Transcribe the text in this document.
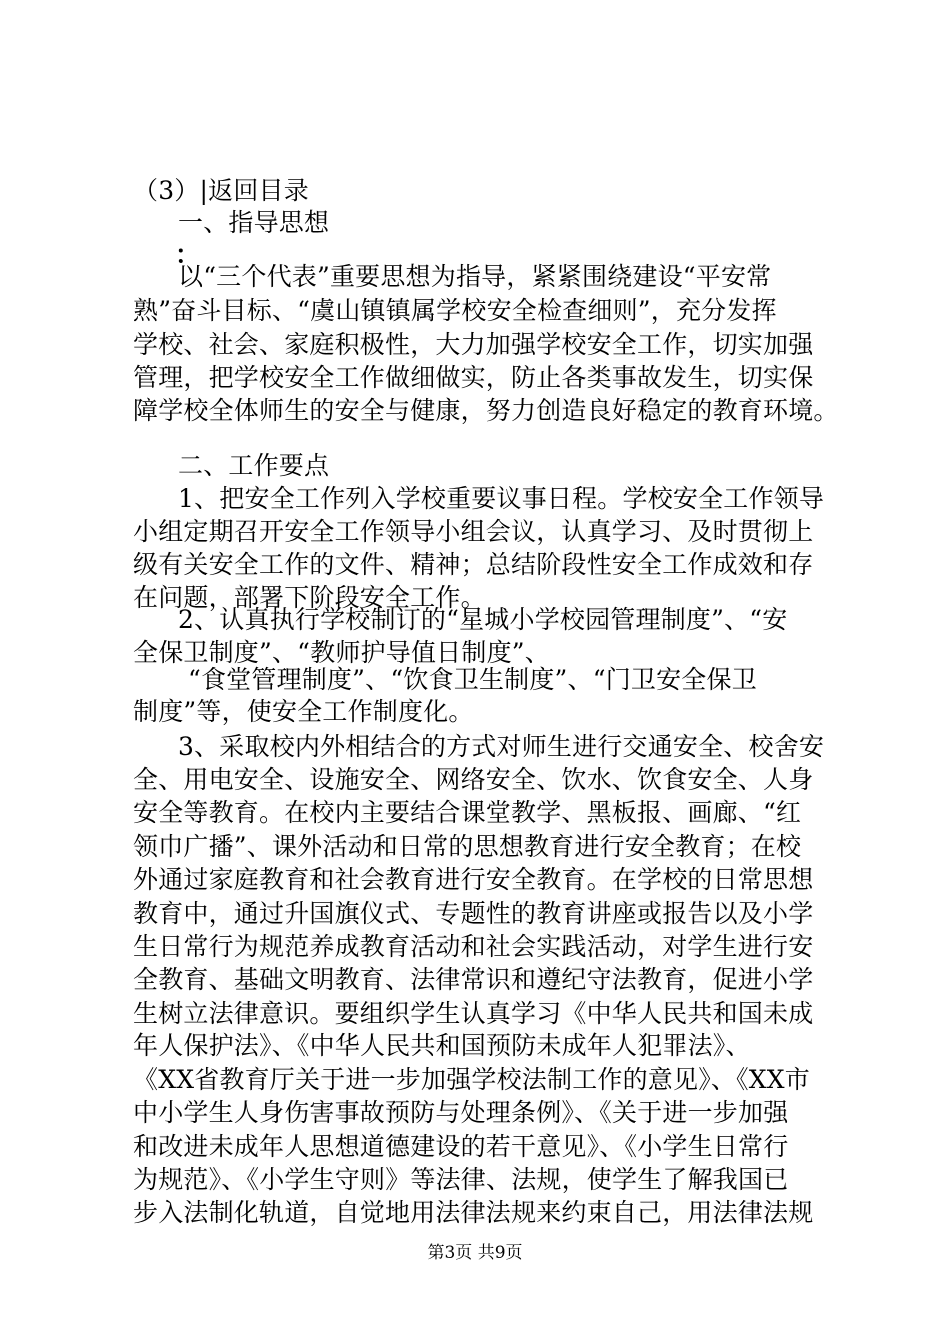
（3）|返回目录
一、指导思想
：
以“三个代表”重要思想为指导，紧紧围绕建设“平安常
熟”奋斗目标、“虞山镇镇属学校安全检查细则”，充分发挥
学校、社会、家庭积极性，大力加强学校安全工作，切实加强
管理，把学校安全工作做细做实，防止各类事故发生，切实保
障学校全体师生的安全与健康，努力创造良好稳定的教育环境。
二、工作要点
1、把安全工作列入学校重要议事日程。学校安全工作领导
小组定期召开安全工作领导小组会议，认真学习、及时贯彻上
级有关安全工作的文件、精神；总结阶段性安全工作成效和存
在问题，部署下阶段安全工作。
2、认真执行学校制订的“星城小学校园管理制度”、“安
全保卫制度”、“教师护导值日制度”、
“食堂管理制度”、“饮食卫生制度”、“门卫安全保卫
制度”等，使安全工作制度化。
3、采取校内外相结合的方式对师生进行交通安全、校舍安
全、用电安全、设施安全、网络安全、饮水、饮食安全、人身
安全等教育。在校内主要结合课堂教学、黑板报、画廊、“红
领巾广播”、课外活动和日常的思想教育进行安全教育；在校
外通过家庭教育和社会教育进行安全教育。在学校的日常思想
教育中，通过升国旗仪式、专题性的教育讲座或报告以及小学
生日常行为规范养成教育活动和社会实践活动，对学生进行安
全教育、基础文明教育、法律常识和遵纪守法教育，促进小学
生树立法律意识。要组织学生认真学习《中华人民共和国未成
年人保护法》、《中华人民共和国预防未成年人犯罪法》、
《XX省教育厅关于进一步加强学校法制工作的意见》、《XX市
中小学生人身伤害事故预防与处理条例》、《关于进一步加强
和改进未成年人思想道德建设的若干意见》、《小学生日常行
为规范》、《小学生守则》等法律、法规，使学生了解我国已
步入法制化轨道，自觉地用法律法规来约束自己，用法律法规
第3页 共9页
